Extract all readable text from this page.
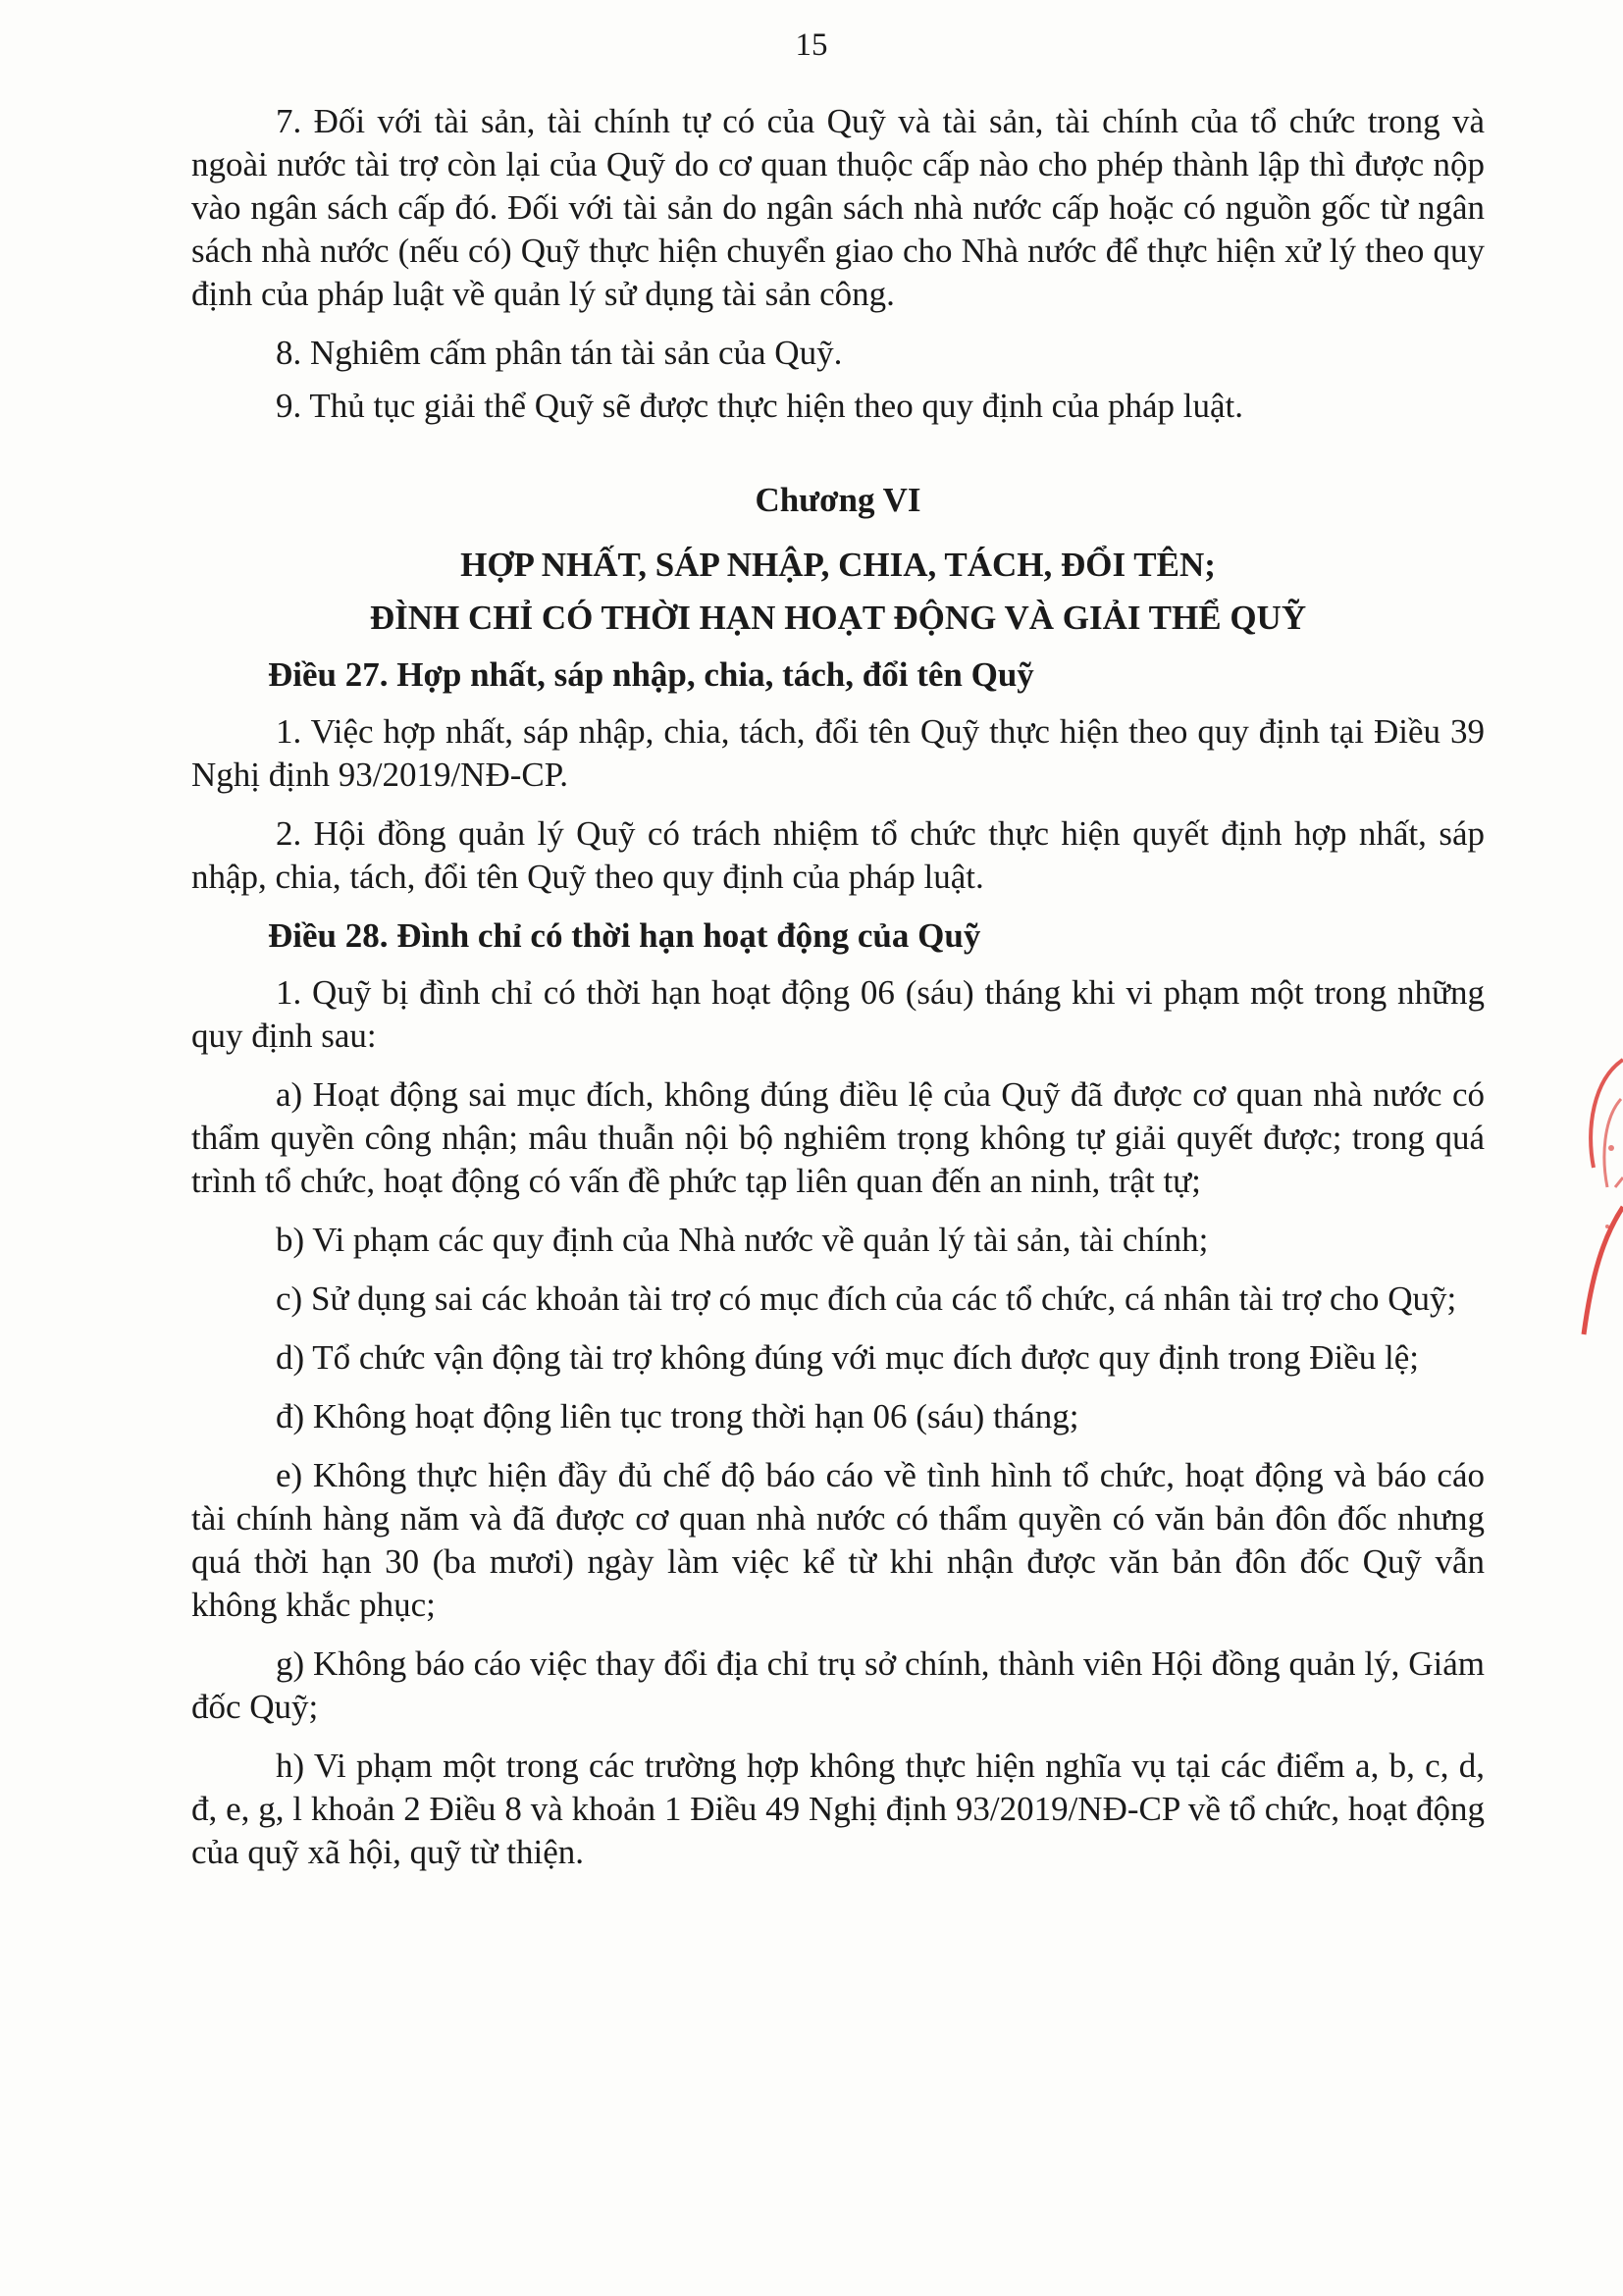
15

7. Đối với tài sản, tài chính tự có của Quỹ và tài sản, tài chính của tổ chức trong và ngoài nước tài trợ còn lại của Quỹ do cơ quan thuộc cấp nào cho phép thành lập thì được nộp vào ngân sách cấp đó. Đối với tài sản do ngân sách nhà nước cấp hoặc có nguồn gốc từ ngân sách nhà nước (nếu có) Quỹ thực hiện chuyển giao cho Nhà nước để thực hiện xử lý theo quy định của pháp luật về quản lý sử dụng tài sản công.

8. Nghiêm cấm phân tán tài sản của Quỹ.

9. Thủ tục giải thể Quỹ sẽ được thực hiện theo quy định của pháp luật.

Chương VI

HỢP NHẤT, SÁP NHẬP, CHIA, TÁCH, ĐỔI TÊN;

ĐÌNH CHỈ CÓ THỜI HẠN HOẠT ĐỘNG VÀ GIẢI THỂ QUỸ

Điều 27. Hợp nhất, sáp nhập, chia, tách, đổi tên Quỹ

1. Việc hợp nhất, sáp nhập, chia, tách, đổi tên Quỹ thực hiện theo quy định tại Điều 39 Nghị định 93/2019/NĐ-CP.

2. Hội đồng quản lý Quỹ có trách nhiệm tổ chức thực hiện quyết định hợp nhất, sáp nhập, chia, tách, đổi tên Quỹ theo quy định của pháp luật.

Điều 28. Đình chỉ có thời hạn hoạt động của Quỹ

1. Quỹ bị đình chỉ có thời hạn hoạt động 06 (sáu) tháng khi vi phạm một trong những quy định sau:

a) Hoạt động sai mục đích, không đúng điều lệ của Quỹ đã được cơ quan nhà nước có thẩm quyền công nhận; mâu thuẫn nội bộ nghiêm trọng không tự giải quyết được; trong quá trình tổ chức, hoạt động có vấn đề phức tạp liên quan đến an ninh, trật tự;

b) Vi phạm các quy định của Nhà nước về quản lý tài sản, tài chính;

c) Sử dụng sai các khoản tài trợ có mục đích của các tổ chức, cá nhân tài trợ cho Quỹ;

d) Tổ chức vận động tài trợ không đúng với mục đích được quy định trong Điều lệ;

đ) Không hoạt động liên tục trong thời hạn 06 (sáu) tháng;

e) Không thực hiện đầy đủ chế độ báo cáo về tình hình tổ chức, hoạt động và báo cáo tài chính hàng năm và đã được cơ quan nhà nước có thẩm quyền có văn bản đôn đốc nhưng quá thời hạn 30 (ba mươi) ngày làm việc kể từ khi nhận được văn bản đôn đốc Quỹ vẫn không khắc phục;

g) Không báo cáo việc thay đổi địa chỉ trụ sở chính, thành viên Hội đồng quản lý, Giám đốc Quỹ;

h) Vi phạm một trong các trường hợp không thực hiện nghĩa vụ tại các điểm a, b, c, d, đ, e, g, l khoản 2 Điều 8 và khoản 1 Điều 49 Nghị định 93/2019/NĐ-CP về tổ chức, hoạt động của quỹ xã hội, quỹ từ thiện.
